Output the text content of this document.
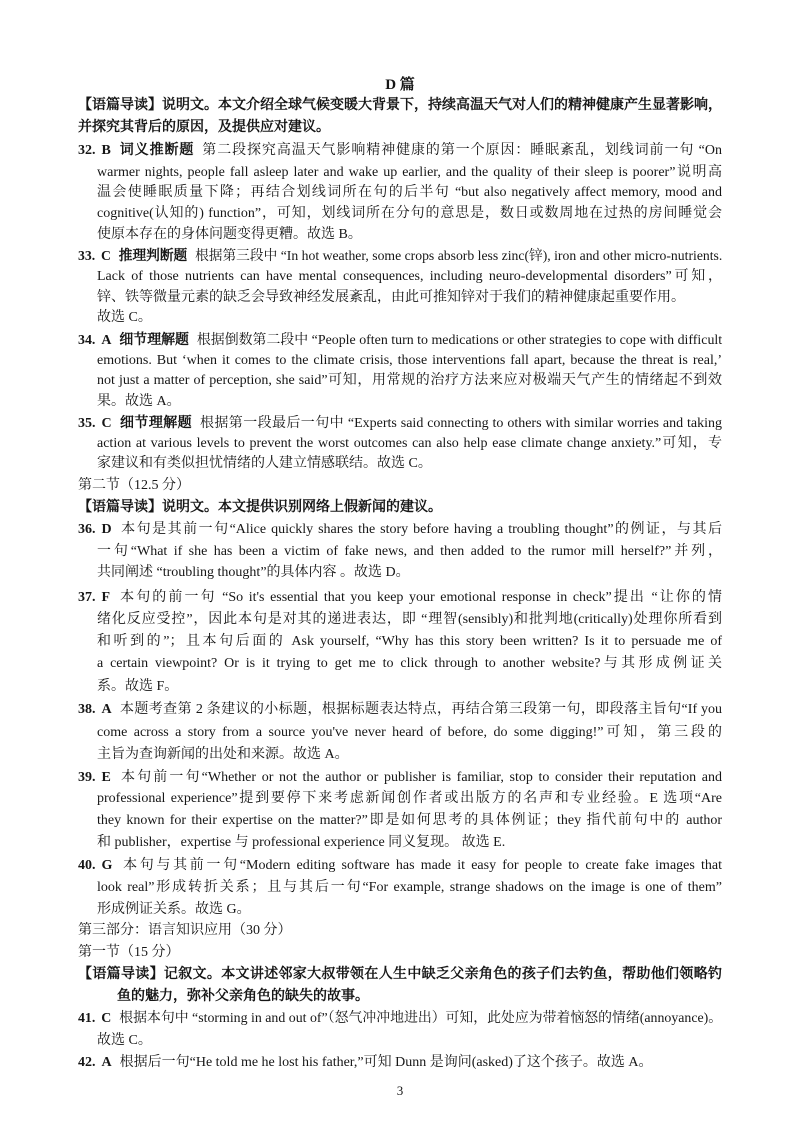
D 篇
【语篇导读】说明文。本文介绍全球气候变暖大背景下，持续高温天气对人们的精神健康产生显著影响，
并探究其背后的原因，及提供应对建议。
32. B 词义推断题 第二段探究高温天气影响精神健康的第一个原因：睡眠紊乱，划线词前一句 “On
warmer nights, people fall asleep later and wake up earlier, and the quality of their sleep is poorer”说明高
温会使睡眠质量下降；再结合划线词所在句的后半句 “but also negatively affect memory, mood and
cognitive(认知的) function”，可知，划线词所在分句的意思是，数日或数周地在过热的房间睡觉会
使原本存在的身体问题变得更糟。故选 B。
33. C 推理判断题 根据第三段中 “In hot weather, some crops absorb less zinc(锌), iron and other micro-nutrients.
Lack of those nutrients can have mental consequences, including neuro-developmental disorders”可知，
锌、铁等微量元素的缺乏会导致神经发展紊乱，由此可推知锌对于我们的精神健康起重要作用。
故选 C。
34. A 细节理解题 根据倒数第二段中 “People often turn to medications or other strategies to cope with difficult
emotions. But ‘when it comes to the climate crisis, those interventions fall apart, because the threat is real,’
not just a matter of perception, she said”可知，用常规的治疗方法来应对极端天气产生的情绪起不到效
果。故选 A。
35. C 细节理解题 根据第一段最后一句中 “Experts said connecting to others with similar worries and taking
action at various levels to prevent the worst outcomes can also help ease climate change anxiety.”可知，专
家建议和有类似担忧情绪的人建立情感联结。故选 C。
第二节（12.5 分）
【语篇导读】说明文。本文提供识别网络上假新闻的建议。
36. D 本句是其前一句“Alice quickly shares the story before having a troubling thought”的例证，与其后
一句“What if she has been a victim of fake news, and then added to the rumor mill herself?”并列，
共同阐述 “troubling thought”的具体内容 。故选 D。
37. F 本句的前一句 “So it's essential that you keep your emotional response in check”提出 “让你的情
绪化反应受控”，因此本句是对其的递进表达，即 “理智(sensibly)和批判地(critically)处理你所看到
和听到的”；且本句后面的 Ask yourself, “Why has this story been written? Is it to persuade me of
a certain viewpoint? Or is it trying to get me to click through to another website?与其形成例证关
系。故选 F。
38. A 本题考查第 2 条建议的小标题，根据标题表达特点，再结合第三段第一句，即段落主旨句“If you
come across a story from a source you've never heard of before, do some digging!”可知，第三段的
主旨为查询新闻的出处和来源。故选 A。
39. E 本句前一句“Whether or not the author or publisher is familiar, stop to consider their reputation and
professional experience”提到要停下来考虑新闻创作者或出版方的名声和专业经验。E 选项“Are
they known for their expertise on the matter?”即是如何思考的具体例证；they 指代前句中的 author
和 publisher，expertise 与 professional experience 同义复现。 故选 E.
40. G 本句与其前一句“Modern editing software has made it easy for people to create fake images that
look real”形成转折关系；且与其后一句“For example, strange shadows on the image is one of them”
形成例证关系。故选 G。
第三部分：语言知识应用（30 分）
第一节（15 分）
【语篇导读】记叙文。本文讲述邻家大叔带领在人生中缺乏父亲角色的孩子们去钓鱼，帮助他们领略钓
鱼的魅力，弥补父亲角色的缺失的故事。
41. C 根据本句中 “storming in and out of”（怒气冲冲地进出）可知，此处应为带着恼怒的情绪(annoyance)。
故选 C。
42. A 根据后一句“He told me he lost his father,”可知 Dunn 是询问(asked)了这个孩子。故选 A。
3
